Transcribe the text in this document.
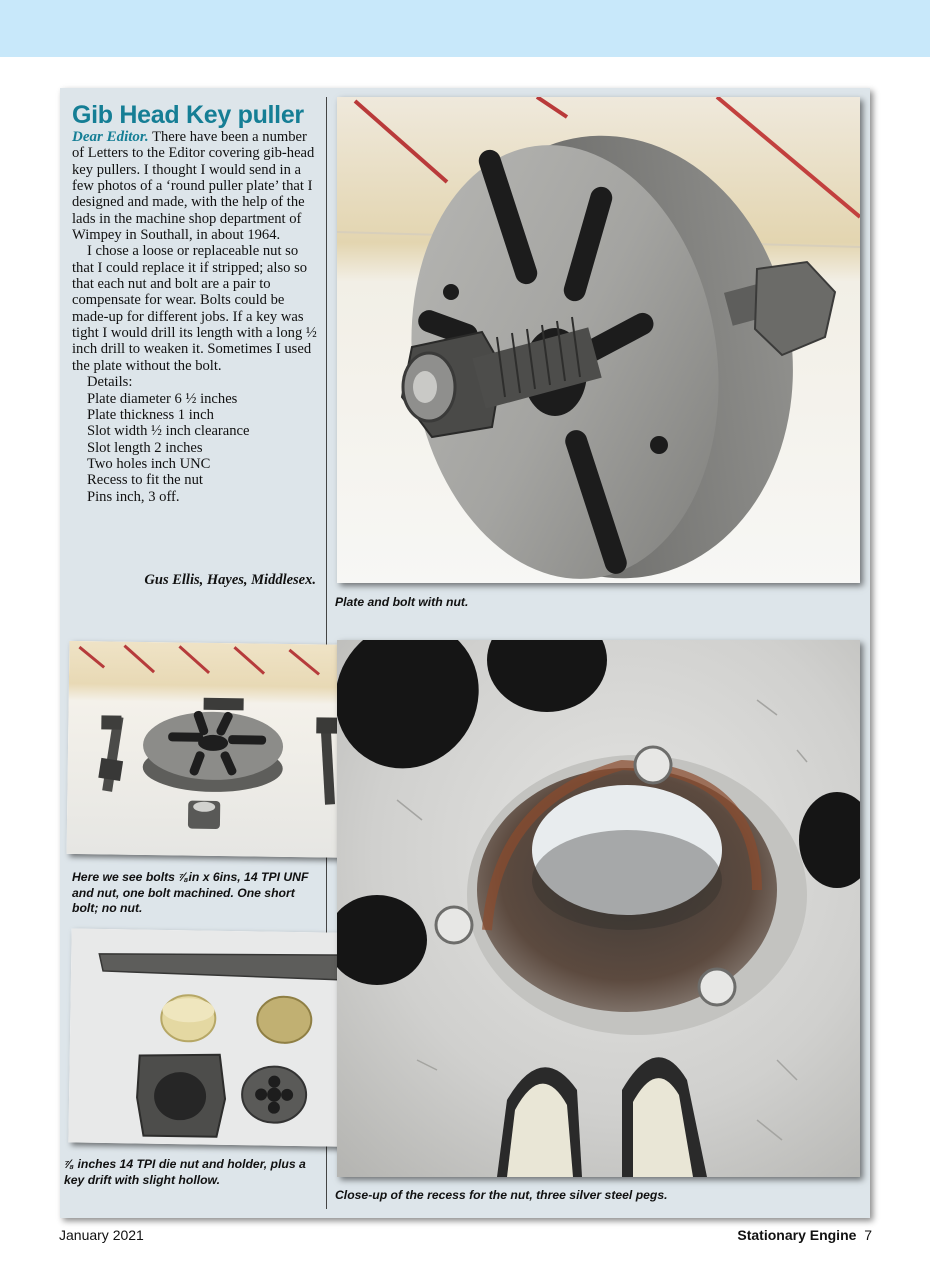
Gib Head Key puller

Dear Editor. There have been a number of Letters to the Editor covering gib-head key pullers. I thought I would send in a few photos of a ‘round puller plate’ that I designed and made, with the help of the lads in the machine shop department of Wimpey in Southall, in about 1964.

I chose a loose or replaceable nut so that I could replace it if stripped; also so that each nut and bolt are a pair to compensate for wear. Bolts could be made-up for different jobs. If a key was tight I would drill its length with a long ½ inch drill to weaken it. Sometimes I used the plate without the bolt.

Details:

Plate diameter 6 ½ inches
Plate thickness 1 inch
Slot width ½ inch clearance
Slot length 2 inches
Two holes inch UNC
Recess to fit the nut
Pins inch, 3 off.
Gus Ellis, Hayes, Middlesex.
Plate and bolt with nut.
Here we see bolts ⅞in x 6ins, 14 TPI UNF and nut, one bolt machined. One short bolt; no nut.
⅞ inches 14 TPI die nut and holder, plus a key drift with slight hollow.
Close-up of the recess for the nut, three silver steel pegs.
January 2021	Stationary Engine 7
